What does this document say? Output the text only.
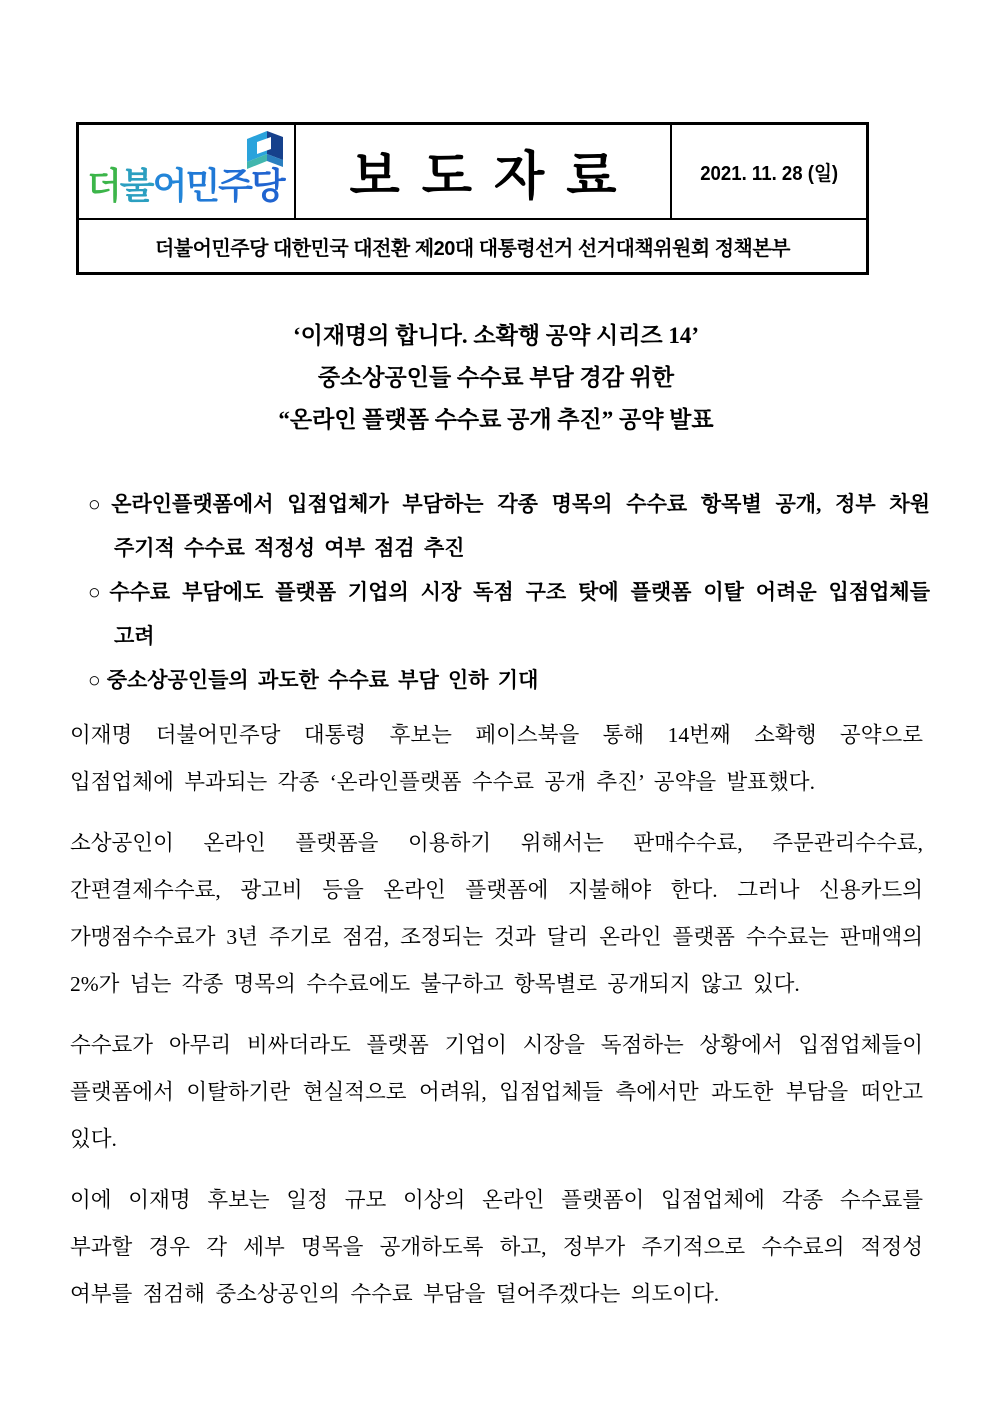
더불어민주당	보도자료	2021. 11. 28 (일)
더불어민주당 대한민국 대전환 제20대 대통령선거 선거대책위원회 정책본부
‘이재명의 합니다. 소확행 공약 시리즈 14’
중소상공인들 수수료 부담 경감 위한
“온라인 플랫폼 수수료 공개 추진” 공약 발표
○ 온라인플랫폼에서 입점업체가 부담하는 각종 명목의 수수료 항목별 공개, 정부 차원 주기적 수수료 적정성 여부 점검 추진
○ 수수료 부담에도 플랫폼 기업의 시장 독점 구조 탓에 플랫폼 이탈 어려운 입점업체들 고려
○ 중소상공인들의 과도한 수수료 부담 인하 기대
이재명 더불어민주당 대통령 후보는 페이스북을 통해 14번째 소확행 공약으로 입점업체에 부과되는 각종 ‘온라인플랫폼 수수료 공개 추진’ 공약을 발표했다.
소상공인이 온라인 플랫폼을 이용하기 위해서는 판매수수료, 주문관리수수료, 간편결제수수료, 광고비 등을 온라인 플랫폼에 지불해야 한다. 그러나 신용카드의 가맹점수수료가 3년 주기로 점검, 조정되는 것과 달리 온라인 플랫폼 수수료는 판매액의 2%가 넘는 각종 명목의 수수료에도 불구하고 항목별로 공개되지 않고 있다.
수수료가 아무리 비싸더라도 플랫폼 기업이 시장을 독점하는 상황에서 입점업체들이 플랫폼에서 이탈하기란 현실적으로 어려워, 입점업체들 측에서만 과도한 부담을 떠안고 있다.
이에 이재명 후보는 일정 규모 이상의 온라인 플랫폼이 입점업체에 각종 수수료를 부과할 경우 각 세부 명목을 공개하도록 하고, 정부가 주기적으로 수수료의 적정성 여부를 점검해 중소상공인의 수수료 부담을 덜어주겠다는 의도이다.
